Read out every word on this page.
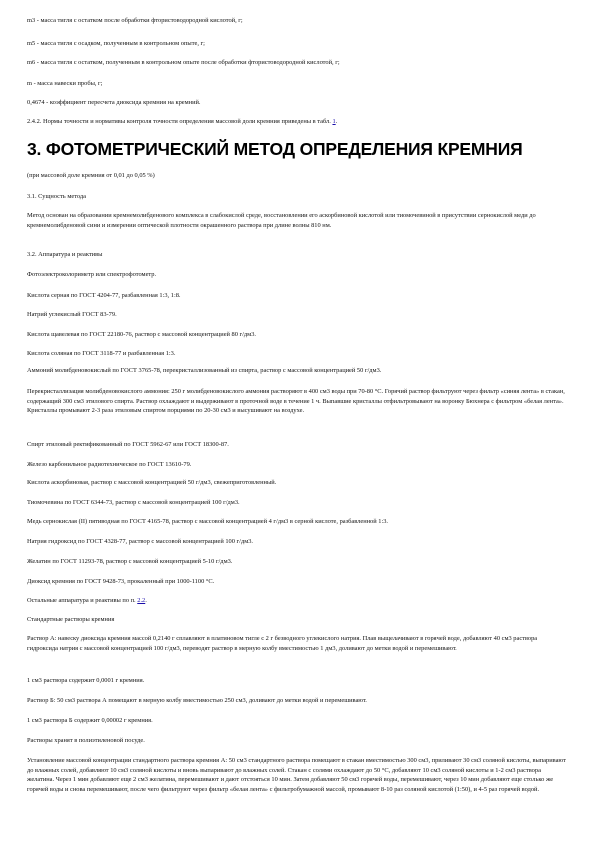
m3 - масса тигля с остатком после обработки фтористоводородной кислотой, г;

m5 - масса тигля с осадком, полученным в контрольном опыте, г;

m6 - масса тигля с остатком, полученным в контрольном опыте после обработки фтористоводородной кислотой, г;

m - масса навески пробы, г;

0,4674 - коэффициент пересчета диоксида кремния на кремний.

2.4.2. Нормы точности и нормативы контроля точности определения массовой доли кремния приведены в табл. 1.

3. ФОТОМЕТРИЧЕСКИЙ МЕТОД ОПРЕДЕЛЕНИЯ КРЕМНИЯ

(при массовой доле кремния от 0,01 до 0,05 %)

3.1. Сущность метода

Метод основан на образовании кремнемолибденового комплекса в слабокислой среде, восстановлении его аскорбиновой кислотой или тиомочевиной в присутствии сернокислой меди до кремнемолибденовой сини и измерении оптической плотности окрашенного раствора при длине волны 810 нм.

3.2. Аппаратура и реактивы

Фотоэлектроколориметр или спектрофотометр.

Кислота серная по ГОСТ 4204-77, разбавленная 1:3, 1:8.

Натрий углекислый ГОСТ 83-79.

Кислота щавелевая по ГОСТ 22180-76, раствор с массовой концентрацией 80 г/дм3.

Кислота соляная по ГОСТ 3118-77 и разбавленная 1:3.

Аммоний молибденовокислый по ГОСТ 3765-78, перекристаллизованный из спирта, раствор с массовой концентрацией 50 г/дм3.

Перекристаллизация молибденовокислого аммония: 250 г молибденовокислого аммония растворяют в 400 см3 воды при 70-80 °С. Горячий раствор фильтруют через фильтр «синяя лента» в стакан, содержащий 300 см3 этилового спирта. Раствор охлаждают и выдерживают в проточной воде в течение 1 ч. Выпавшие кристаллы отфильтровывают на воронку Бюхнера с фильтром «белая лента». Кристаллы промывают 2-3 раза этиловым спиртом порциями по 20-30 см3 и высушивают на воздухе.

Спирт этиловый ректификованный по ГОСТ 5962-67 или ГОСТ 18300-87.

Железо карбонильное радиотехническое по ГОСТ 13610-79.

Кислота аскорбиновая, раствор с массовой концентрацией 50 г/дм3, свежеприготовленный.

Тиомочевина по ГОСТ 6344-73, раствор с массовой концентрацией 100 г/дм3.

Медь сернокислая (II) пятиводная по ГОСТ 4165-78, раствор с массовой концентрацией 4 г/дм3 в серной кислоте, разбавленной 1:3.

Натрия гидроксид по ГОСТ 4328-77, раствор с массовой концентрацией 100 г/дм3.

Желатин по ГОСТ 11293-78, раствор с массовой концентрацией 5-10 г/дм3.

Диоксид кремния по ГОСТ 9428-73, прокаленный при 1000-1100 °С.

Остальные аппаратура и реактивы по п. 2.2.

Стандартные растворы кремния

Раствор А: навеску диоксида кремния массой 0,2140 г сплавляют в платиновом тигле с 2 г безводного углекислого натрия. Плав выщелачивают в горячей воде, добавляют 40 см3 раствора гидроксида натрия с массовой концентрацией 100 г/дм3, переводят раствор в мерную колбу вместимостью 1 дм3, доливают до метки водой и перемешивают.

1 см3 раствора содержит 0,0001 г кремния.

Раствор Б: 50 см3 раствора А помещают в мерную колбу вместимостью 250 см3, доливают до метки водой и перемешивают.

1 см3 раствора Б содержит 0,00002 г кремния.

Растворы хранят в полиэтиленовой посуде.

Установление массовой концентрации стандартного раствора кремния А: 50 см3 стандартного раствора помещают в стакан вместимостью 300 см3, приливают 30 см3 соляной кислоты, выпаривают до влажных солей, добавляют 10 см3 соляной кислоты и вновь выпаривают до влажных солей. Стакан с солями охлаждают до 50 °С, добавляют 10 см3 соляной кислоты и 1-2 см3 раствора желатина. Через 1 мин добавляют еще 2 см3 желатина, перемешивают и дают отстояться 10 мин. Затем добавляют 50 см3 горячей воды, перемешивают, через 10 мин добавляют еще столько же горячей воды и снова перемешивают, после чего фильтруют через фильтр «белая лента» с фильтробумажной массой, промывают 8-10 раз соляной кислотой (1:50), и 4-5 раз горячей водой.
